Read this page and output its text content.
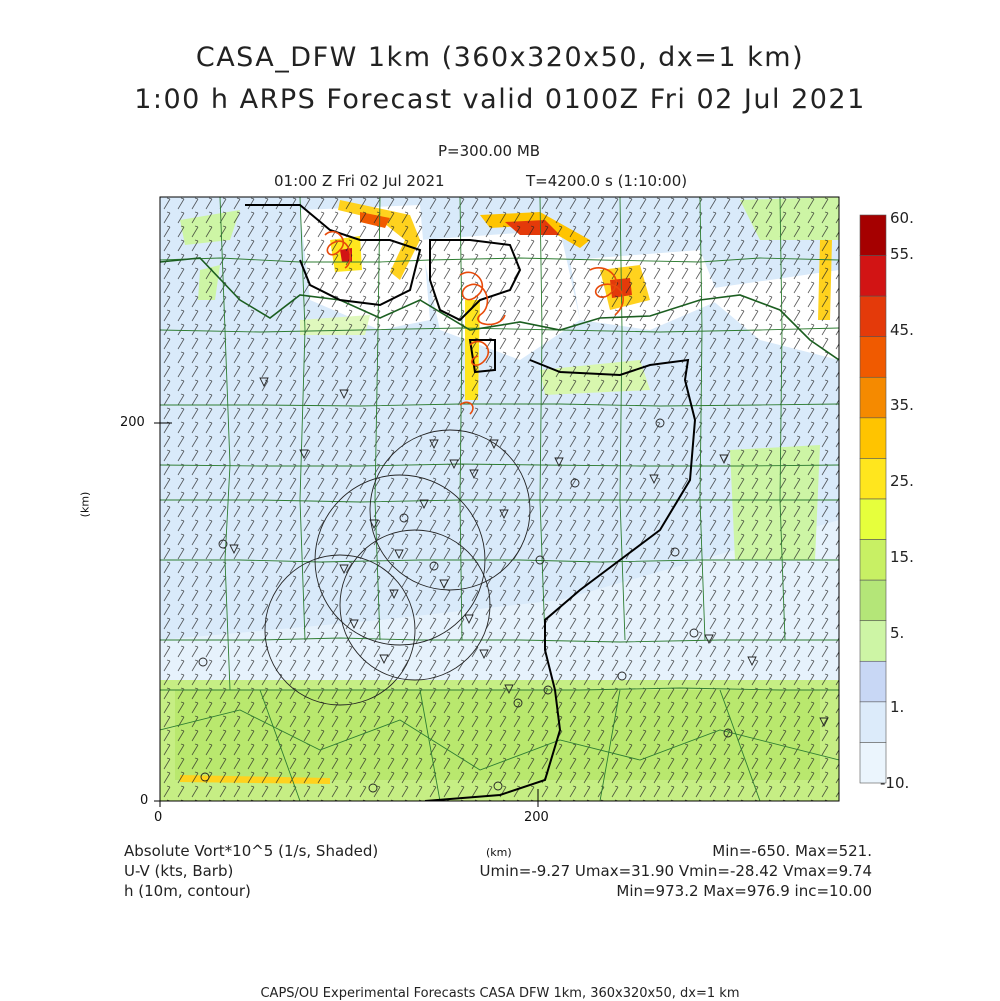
CASA_DFW 1km (360x320x50, dx=1 km)
1:00 h ARPS Forecast valid 0100Z Fri 02 Jul 2021
P=300.00 MB
01:00 Z Fri 02 Jul 2021	T=4200.0 s (1:10:00)
0
200
0	200
(km)
(km)
60.
55.
45.
35.
25.
15.
5.
1.
-10.
Absolute Vort*10^5 (1/s, Shaded)
U-V (kts, Barb)
h (10m, contour)
Min=-650. Max=521.
Umin=-9.27 Umax=31.90 Vmin=-28.42 Vmax=9.74
Min=973.2 Max=976.9 inc=10.00
CAPS/OU Experimental Forecasts CASA DFW 1km, 360x320x50, dx=1 km
